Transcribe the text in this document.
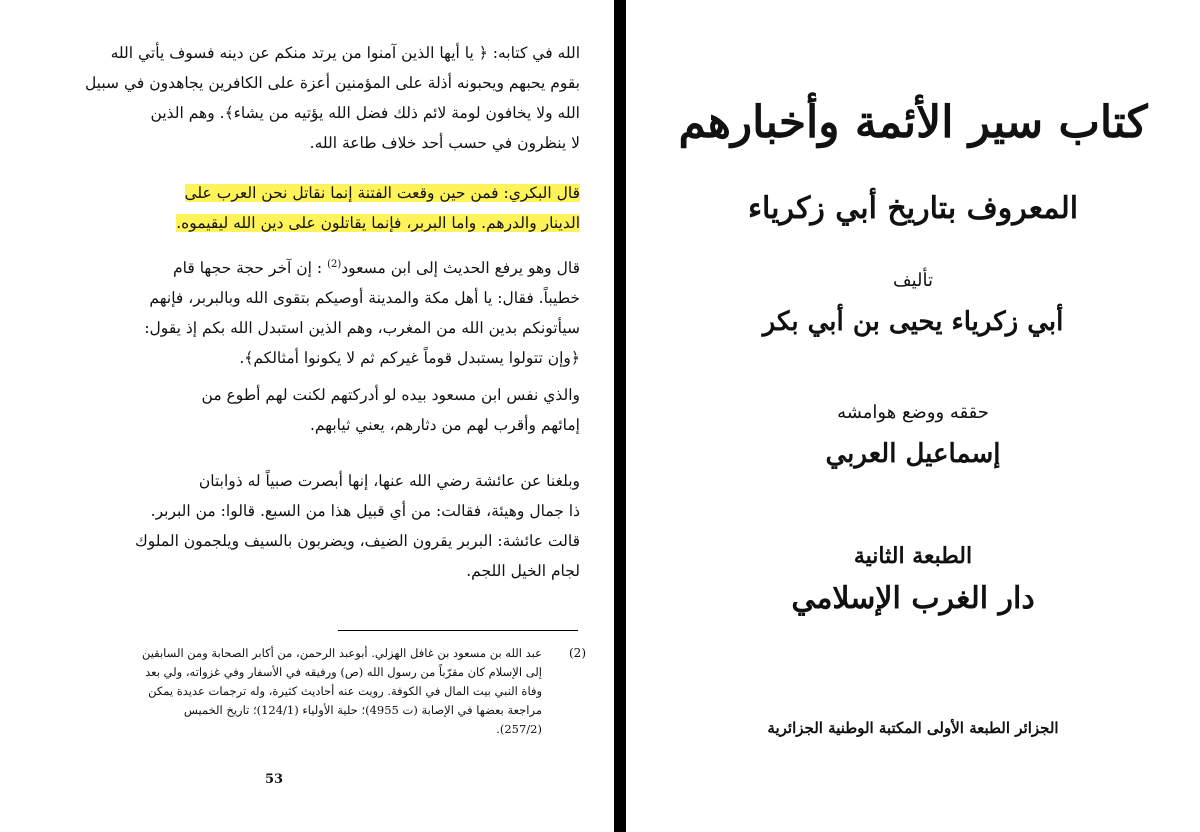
الله في كتابه: ﴿ يا أيها الذين آمنوا من يرتد منكم عن دينه فسوف يأتي الله
بقوم يحبهم ويحبونه أذلة على المؤمنين أعزة على الكافرين يجاهدون في سبيل
الله ولا يخافون لومة لائم ذلك فضل الله يؤتيه من يشاء﴾. وهم الذين
لا ينظرون في حسب أحد خلاف طاعة الله.
قال البكري: فمن حين وقعت الفتنة إنما نقاتل نحن العرب على
الدينار والدرهم. واما البربر، فإنما يقاتلون على دين الله ليقيموه.
قال وهو يرفع الحديث إلى ابن مسعود$^{(2)}$ : إن آخر حجة حجها قام
خطيباً. فقال: يا أهل مكة والمدينة أوصيكم بتقوى الله وبالبربر، فإنهم
سيأتونكم بدين الله من المغرب، وهم الذين استبدل الله بكم إذ يقول:
﴿وإن تتولوا يستبدل قوماً غيركم ثم لا يكونوا أمثالكم﴾.
والذي نفس ابن مسعود بيده لو أدركتهم لكنت لهم أطوع من
إمائهم وأقرب لهم من دثارهم، يعني ثيابهم.
وبلغنا عن عائشة رضي الله عنها، إنها أبصرت صبياً له ذوابتان
ذا جمال وهيئة، فقالت: من أي قبيل هذا من السبع. قالوا: من البربر.
قالت عائشة: البربر يقرون الضيف، ويضربون بالسيف ويلجمون الملوك
لجام الخيل اللجم.
(2)
عبد الله بن مسعود بن غافل الهزلي. أبوعبد الرحمن، من أكابر الصحابة ومن السابقين
إلى الإسلام كان مقرّباً من رسول الله (ص) ورفيقه في الأسفار وفي غزواته، ولي بعد
وفاة النبي بيت المال في الكوفة. رويت عنه أحاديث كثيرة، وله ترجمات عديدة يمكن
مراجعة بعضها في الإصابة (ت 4955)؛ حلية الأولياء (124/1)؛ تاريخ الخميس
(257/2).
53
كتاب سير الأئمة وأخبارهم
المعروف بتاريخ أبي زكرياء
تأليف
أبي زكرياء يحيى بن أبي بكر
حققه ووضع هوامشه
إسماعيل العربي
الطبعة الثانية
دار الغرب الإسلامي
الجزائر الطبعة الأولى المكتبة الوطنية الجزائرية
